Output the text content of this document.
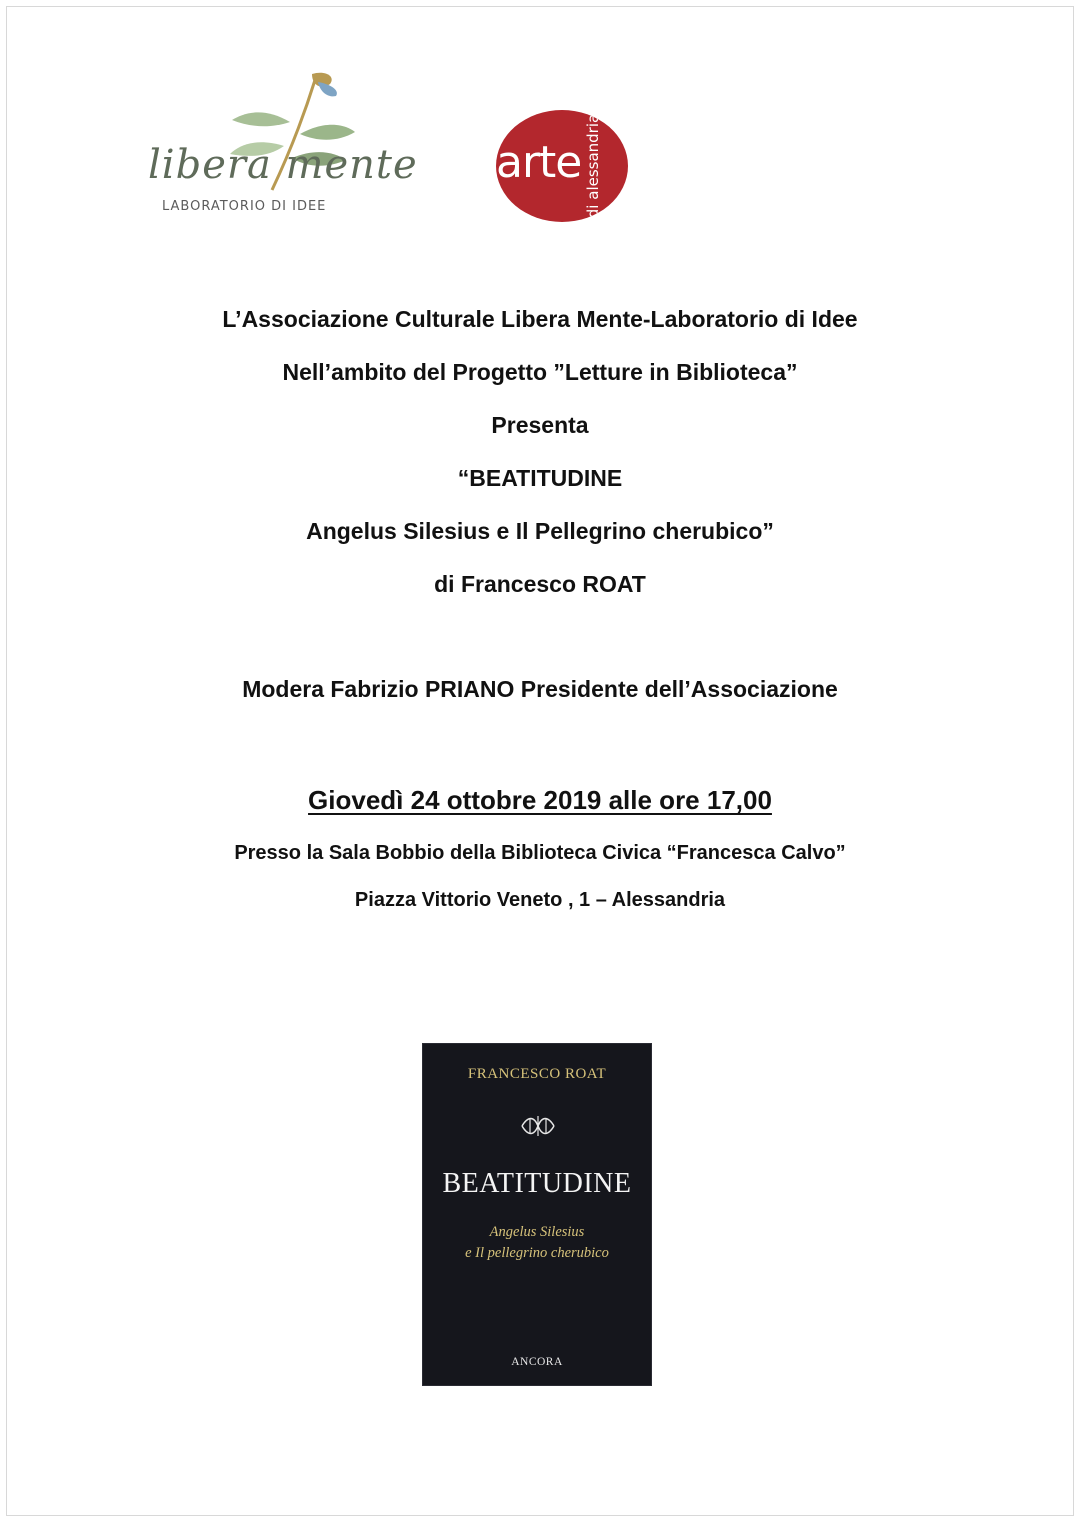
libera mente
LABORATORIO DI IDEE
arte di alessandria
L’Associazione Culturale Libera Mente-Laboratorio di Idee
Nell’ambito del Progetto ”Letture in Biblioteca”
Presenta
“BEATITUDINE
Angelus Silesius e Il Pellegrino cherubico”
di Francesco ROAT
Modera Fabrizio PRIANO Presidente dell’Associazione
Giovedì 24 ottobre 2019 alle ore 17,00
Presso la Sala Bobbio della Biblioteca Civica “Francesca Calvo”
Piazza Vittorio Veneto , 1 – Alessandria
FRANCESCO ROAT
BEATITUDINE
Angelus Silesius
e Il pellegrino cherubico
ANCORA
